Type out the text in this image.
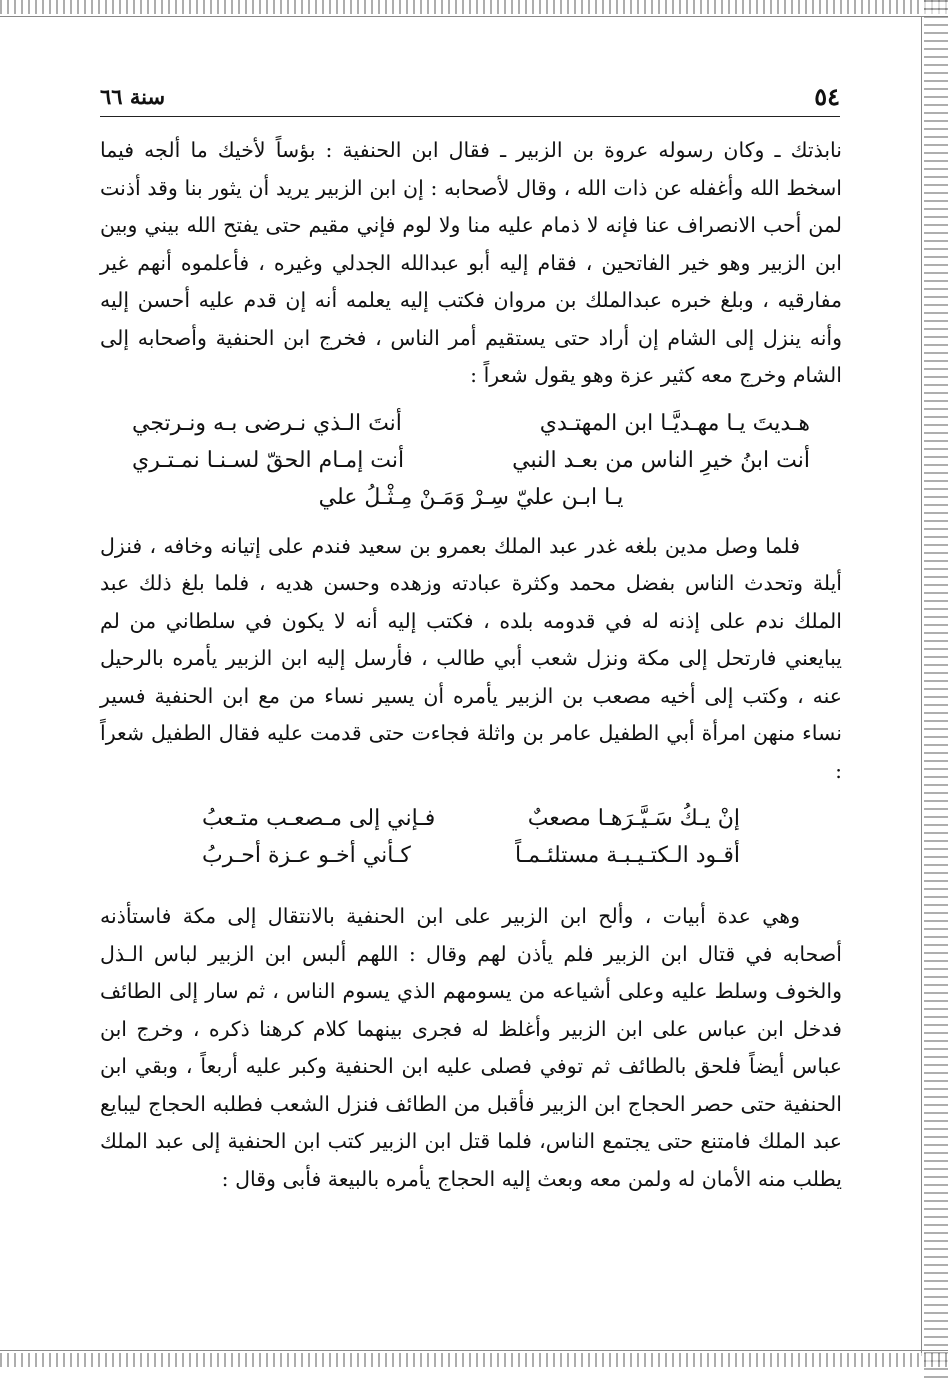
٥٤
سنة ٦٦

نابذتك ـ وكان رسوله عروة بن الزبير ـ فقال ابن الحنفية : بؤساً لأخيك ما ألجه فيما اسخط الله وأغفله عن ذات الله ، وقال لأصحابه : إن ابن الزبير يريد أن يثور بنا وقد أذنت لمن أحب الانصراف عنا فإنه لا ذمام عليه منا ولا لوم فإني مقيم حتى يفتح الله بيني وبين ابن الزبير وهو خير الفاتحين ، فقام إليه أبو عبدالله الجدلي وغيره ، فأعلموه أنهم غير مفارقيه ، وبلغ خبره عبدالملك بن مروان فكتب إليه يعلمه أنه إن قدم عليه أحسن إليه وأنه ينزل إلى الشام إن أراد حتى يستقيم أمر الناس ، فخرج ابن الحنفية وأصحابه إلى الشام وخرج معه كثير عزة وهو يقول شعراً :

هـديتَ يـا مهـديَّـا ابن المهتـدي
أنتَ الـذي نـرضى بـه ونـرتجي
أنت ابنُ خيرِ الناس من بعـد النبي
أنت إمـام الحقّ لسـنـا نمـتـري
يـا ابـن عليّ سِـرْ وَمَـنْ مِـثْـلُ علي

فلما وصل مدين بلغه غدر عبد الملك بعمرو بن سعيد فندم على إتيانه وخافه ، فنزل أيلة وتحدث الناس بفضل محمد وكثرة عبادته وزهده وحسن هديه ، فلما بلغ ذلك عبد الملك ندم على إذنه له في قدومه بلده ، فكتب إليه أنه لا يكون في سلطاني من لم يبايعني فارتحل إلى مكة ونزل شعب أبي طالب ، فأرسل إليه ابن الزبير يأمره بالرحيل عنه ، وكتب إلى أخيه مصعب بن الزبير يأمره أن يسير نساء من مع ابن الحنفية فسير نساء منهن امرأة أبي الطفيل عامر بن واثلة فجاءت حتى قدمت عليه فقال الطفيل شعراً :

إنْ يـكُ سَـيَّـرَهـا مصعبٌ
فـإني إلى مـصعـب متـعبُ
أقـود الـكتـيـبـة مستلئـمـاً
كـأني أخـو عـزة أحـربُ

وهي عدة أبيات ، وألح ابن الزبير على ابن الحنفية بالانتقال إلى مكة فاستأذنه أصحابه في قتال ابن الزبير فلم يأذن لهم وقال : اللهم ألبس ابن الزبير لباس الـذل والخوف وسلط عليه وعلى أشياعه من يسومهم الذي يسوم الناس ، ثم سار إلى الطائف فدخل ابن عباس على ابن الزبير وأغلظ له فجرى بينهما كلام كرهنا ذكره ، وخرج ابن عباس أيضاً فلحق بالطائف ثم توفي فصلى عليه ابن الحنفية وكبر عليه أربعاً ، وبقي ابن الحنفية حتى حصر الحجاج ابن الزبير فأقبل من الطائف فنزل الشعب فطلبه الحجاج ليبايع عبد الملك فامتنع حتى يجتمع الناس، فلما قتل ابن الزبير كتب ابن الحنفية إلى عبد الملك يطلب منه الأمان له ولمن معه وبعث إليه الحجاج يأمره بالبيعة فأبى وقال :
